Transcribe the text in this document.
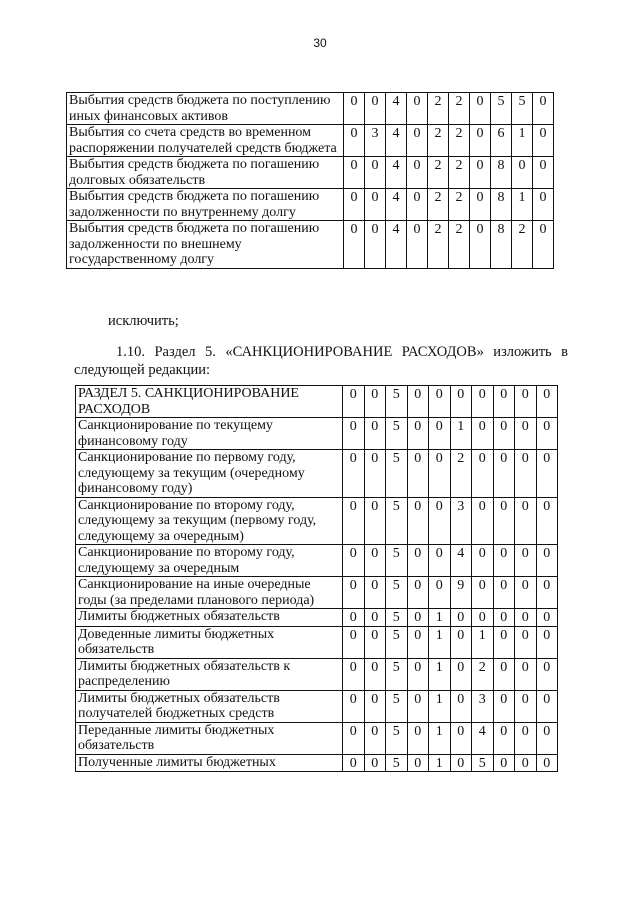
30
Выбытия средств бюджета по поступлению иных финансовых активов	0	0	4	0	2	2	0	5	5	0
Выбытия со счета средств во временном распоряжении получателей средств бюджета	0	3	4	0	2	2	0	6	1	0
Выбытия средств бюджета по погашению долговых обязательств	0	0	4	0	2	2	0	8	0	0
Выбытия средств бюджета по погашению задолженности по внутреннему долгу	0	0	4	0	2	2	0	8	1	0
Выбытия средств бюджета по погашению задолженности по внешнему государственному долгу	0	0	4	0	2	2	0	8	2	0
исключить;
1.10. Раздел 5. «САНКЦИОНИРОВАНИЕ РАСХОДОВ» изложить в следующей редакции:
РАЗДЕЛ 5. САНКЦИОНИРОВАНИЕ РАСХОДОВ	0	0	5	0	0	0	0	0	0	0
Санкционирование по текущему финансовому году	0	0	5	0	0	1	0	0	0	0
Санкционирование по первому году, следующему за текущим (очередному финансовому году)	0	0	5	0	0	2	0	0	0	0
Санкционирование по второму году, следующему за текущим (первому году, следующему за очередным)	0	0	5	0	0	3	0	0	0	0
Санкционирование по второму году, следующему за очередным	0	0	5	0	0	4	0	0	0	0
Санкционирование на иные очередные годы (за пределами планового периода)	0	0	5	0	0	9	0	0	0	0
Лимиты бюджетных обязательств	0	0	5	0	1	0	0	0	0	0
Доведенные лимиты бюджетных обязательств	0	0	5	0	1	0	1	0	0	0
Лимиты бюджетных обязательств к распределению	0	0	5	0	1	0	2	0	0	0
Лимиты бюджетных обязательств получателей бюджетных средств	0	0	5	0	1	0	3	0	0	0
Переданные лимиты бюджетных обязательств	0	0	5	0	1	0	4	0	0	0
Полученные лимиты бюджетных	0	0	5	0	1	0	5	0	0	0
